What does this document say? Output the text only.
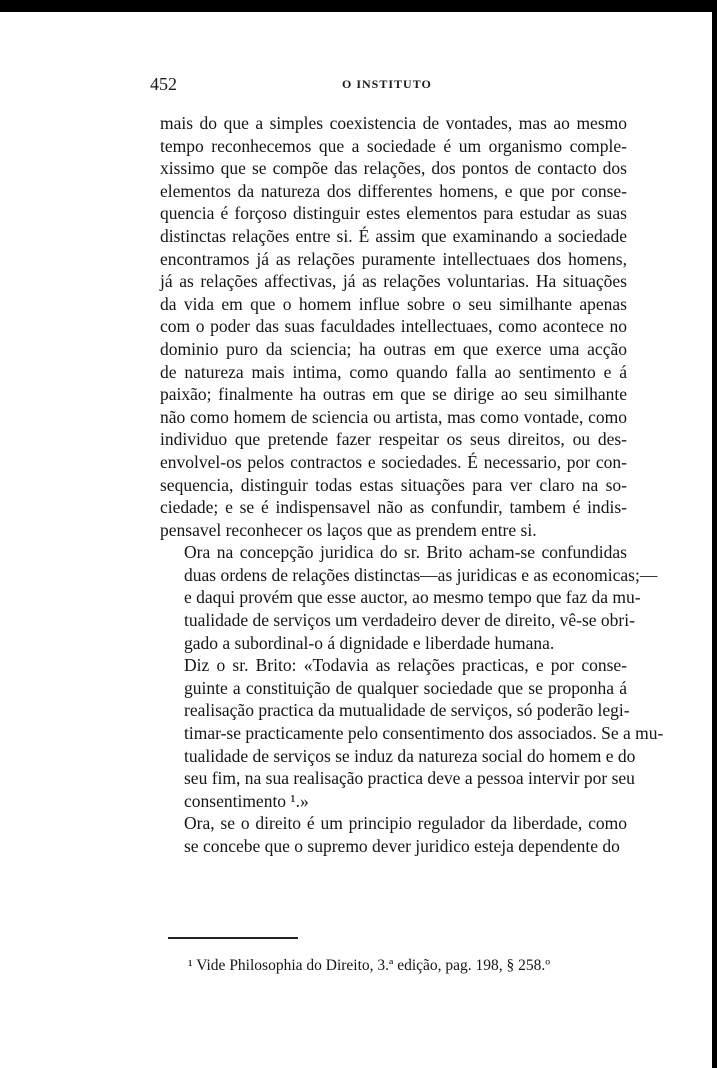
452	O INSTITUTO
mais do que a simples coexistencia de vontades, mas ao mesmo
tempo reconhecemos que a sociedade é um organismo comple-
xissimo que se compõe das relações, dos pontos de contacto dos
elementos da natureza dos differentes homens, e que por conse-
quencia é forçoso distinguir estes elementos para estudar as suas
distinctas relações entre si. É assim que examinando a sociedade
encontramos já as relações puramente intellectuaes dos homens,
já as relações affectivas, já as relações voluntarias. Ha situações
da vida em que o homem influe sobre o seu similhante apenas
com o poder das suas faculdades intellectuaes, como acontece no
dominio puro da sciencia; ha outras em que exerce uma acção
de natureza mais intima, como quando falla ao sentimento e á
paixão; finalmente ha outras em que se dirige ao seu similhante
não como homem de sciencia ou artista, mas como vontade, como
individuo que pretende fazer respeitar os seus direitos, ou des-
envolvel-os pelos contractos e sociedades. É necessario, por con-
sequencia, distinguir todas estas situações para ver claro na so-
ciedade; e se é indispensavel não as confundir, tambem é indis-
pensavel reconhecer os laços que as prendem entre si.
Ora na concepção juridica do sr. Brito acham-se confundidas
duas ordens de relações distinctas—as juridicas e as economicas;—
e daqui provém que esse auctor, ao mesmo tempo que faz da mu-
tualidade de serviços um verdadeiro dever de direito, vê-se obri-
gado a subordinal-o á dignidade e liberdade humana.
Diz o sr. Brito: «Todavia as relações practicas, e por conse-
guinte a constituição de qualquer sociedade que se proponha á
realisação practica da mutualidade de serviços, só poderão legi-
timar-se practicamente pelo consentimento dos associados. Se a mu-
tualidade de serviços se induz da natureza social do homem e do
seu fim, na sua realisação practica deve a pessoa intervir por seu
consentimento ¹.»
Ora, se o direito é um principio regulador da liberdade, como
se concebe que o supremo dever juridico esteja dependente do
¹ Vide Philosophia do Direito, 3.ª edição, pag. 198, § 258.º
